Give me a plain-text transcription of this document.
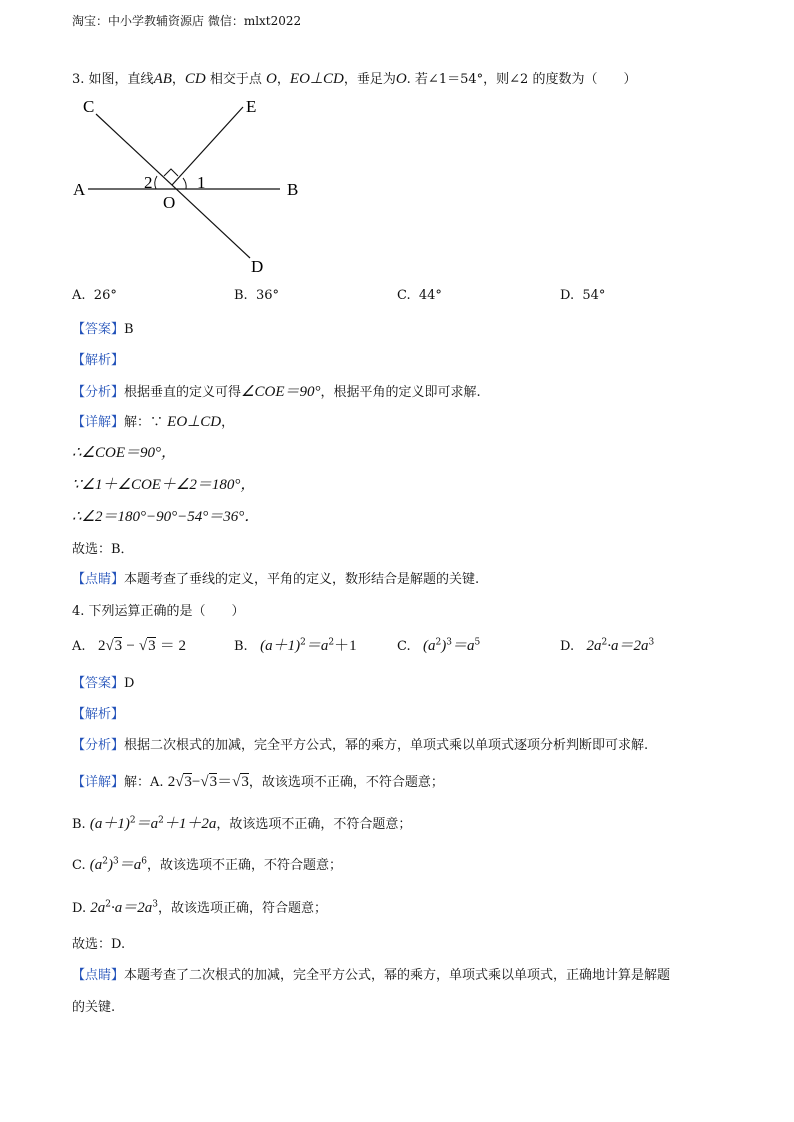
淘宝：中小学教辅资源店 微信：mlxt2022
3. 如图，直线AB，CD 相交于点 O，EO⊥CD，垂足为O. 若∠1＝54°，则∠2 的度数为（　　）
C	E
A	B
D
O
1
2
A. 26°	B. 36°	C. 44°	D. 54°
【答案】B
【解析】
【分析】根据垂直的定义可得∠COE＝90°，根据平角的定义即可求解.
【详解】解：∵ EO⊥CD，
∴∠COE＝90°，
∵∠1＋∠COE＋∠2＝180°，
∴∠2＝180°−90°−54°＝36°．
故选：B．
【点睛】本题考查了垂线的定义，平角的定义，数形结合是解题的关键.
4. 下列运算正确的是（　　）
A. 2√3 − √3 ＝ 2	B. $(a+1)^2=a^2+1$	C. $(a^2)^3=a^5$	D. $2a^2\cdot a=2a^3$
【答案】D
【解析】
【分析】根据二次根式的加减，完全平方公式，幂的乘方，单项式乘以单项式逐项分析判断即可求解.
【详解】解：A. 2√3−√3＝√3，故该选项不正确，不符合题意；
B. $(a+1)^2=a^2+1+2a$，故该选项不正确，不符合题意；
C. $(a^2)^3=a^6$，故该选项不正确，不符合题意；
D. $2a^2\cdot a=2a^3$，故该选项正确，符合题意；
故选：D.
【点睛】本题考查了二次根式的加减，完全平方公式，幂的乘方，单项式乘以单项式，正确地计算是解题
的关键.
